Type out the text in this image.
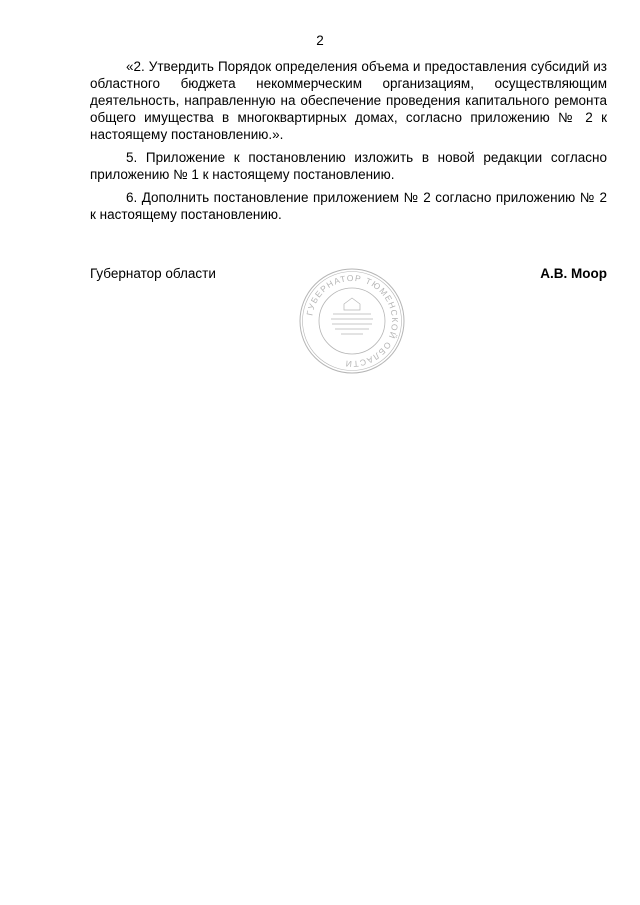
2

«2. Утвердить Порядок определения объема и предоставления субсидий из областного бюджета некоммерческим организациям, осуществляющим деятельность, направленную на обеспечение проведения капитального ремонта общего имущества в многоквартирных домах, согласно приложению № 2 к настоящему постановлению.».

5. Приложение к постановлению изложить в новой редакции согласно приложению № 1 к настоящему постановлению.

6. Дополнить постановление приложением № 2 согласно приложению № 2 к настоящему постановлению.

Губернатор области	А.В. Моор
ГУБЕРНАТОР ТЮМЕНСКОЙ ОБЛАСТИ
